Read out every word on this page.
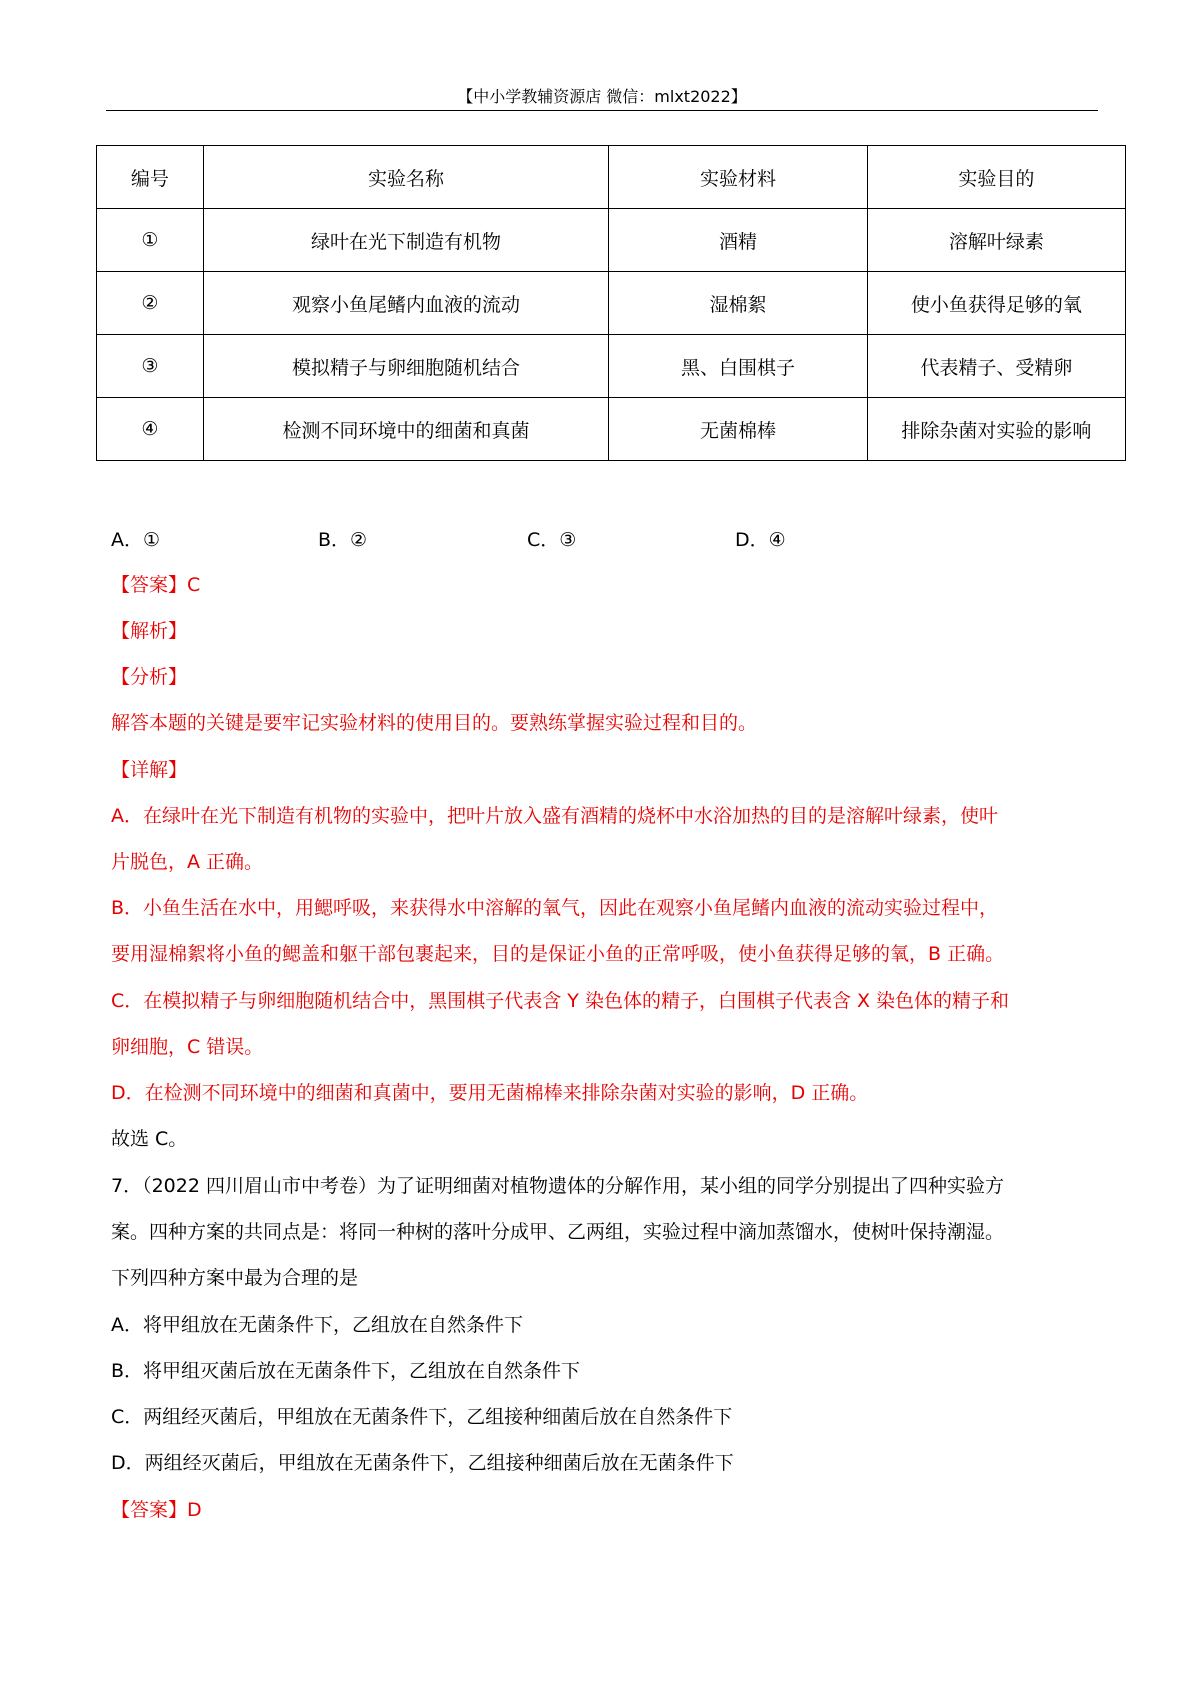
【中小学教辅资源店 微信：mlxt2022】
编号	实验名称	实验材料	实验目的
①	绿叶在光下制造有机物	酒精	溶解叶绿素
②	观察小鱼尾鳍内血液的流动	湿棉絮	使小鱼获得足够的氧
③	模拟精子与卵细胞随机结合	黑、白围棋子	代表精子、受精卵
④	检测不同环境中的细菌和真菌	无菌棉棒	排除杂菌对实验的影响
A．①	B．②	C．③	D．④
【答案】C
【解析】
【分析】
解答本题的关键是要牢记实验材料的使用目的。要熟练掌握实验过程和目的。
【详解】
A．在绿叶在光下制造有机物的实验中，把叶片放入盛有酒精的烧杯中水浴加热的目的是溶解叶绿素，使叶
片脱色，A 正确。
B．小鱼生活在水中，用鳃呼吸，来获得水中溶解的氧气，因此在观察小鱼尾鳍内血液的流动实验过程中，
要用湿棉絮将小鱼的鳃盖和躯干部包裹起来，目的是保证小鱼的正常呼吸，使小鱼获得足够的氧，B 正确。
C．在模拟精子与卵细胞随机结合中，黑围棋子代表含 Y 染色体的精子，白围棋子代表含 X 染色体的精子和
卵细胞，C 错误。
D．在检测不同环境中的细菌和真菌中，要用无菌棉棒来排除杂菌对实验的影响，D 正确。
故选 C。
7．（2022 四川眉山市中考卷）为了证明细菌对植物遗体的分解作用，某小组的同学分别提出了四种实验方
案。四种方案的共同点是：将同一种树的落叶分成甲、乙两组，实验过程中滴加蒸馏水，使树叶保持潮湿。
下列四种方案中最为合理的是
A．将甲组放在无菌条件下，乙组放在自然条件下
B．将甲组灭菌后放在无菌条件下，乙组放在自然条件下
C．两组经灭菌后，甲组放在无菌条件下，乙组接种细菌后放在自然条件下
D．两组经灭菌后，甲组放在无菌条件下，乙组接种细菌后放在无菌条件下
【答案】D
